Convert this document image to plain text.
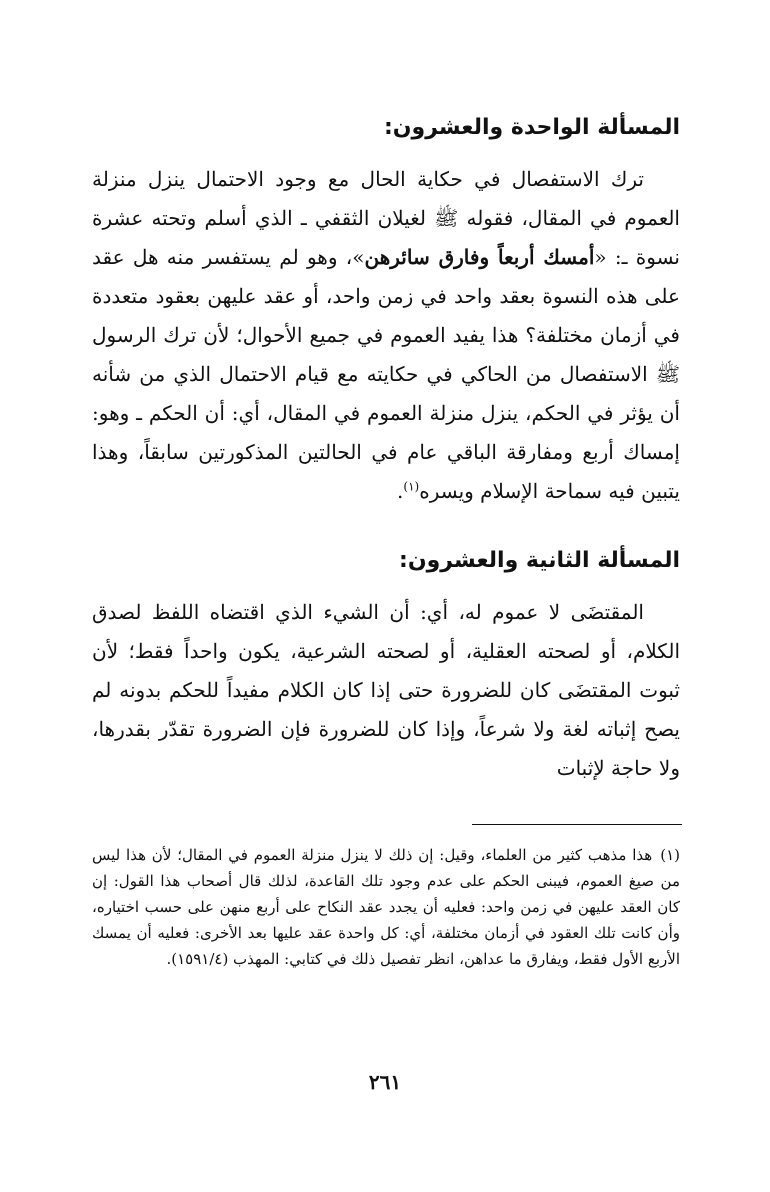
المسألة الواحدة والعشرون:

ترك الاستفصال في حكاية الحال مع وجود الاحتمال ينزل منزلة العموم في المقال، فقوله ﷺ لغيلان الثقفي ـ الذي أسلم وتحته عشرة نسوة ـ: «أمسك أربعاً وفارق سائرهن»، وهو لم يستفسر منه هل عقد على هذه النسوة بعقد واحد في زمن واحد، أو عقد عليهن بعقود متعددة في أزمان مختلفة؟ هذا يفيد العموم في جميع الأحوال؛ لأن ترك الرسول ﷺ الاستفصال من الحاكي في حكايته مع قيام الاحتمال الذي من شأنه أن يؤثر في الحكم، ينزل منزلة العموم في المقال، أي: أن الحكم ـ وهو: إمساك أربع ومفارقة الباقي عام في الحالتين المذكورتين سابقاً، وهذا يتبين فيه سماحة الإسلام ويسره$^{(١)}$.

المسألة الثانية والعشرون:

المقتضَى لا عموم له، أي: أن الشيء الذي اقتضاه اللفظ لصدق الكلام، أو لصحته العقلية، أو لصحته الشرعية، يكون واحداً فقط؛ لأن ثبوت المقتضَى كان للضرورة حتى إذا كان الكلام مفيداً للحكم بدونه لم يصح إثباته لغة ولا شرعاً، وإذا كان للضرورة فإن الضرورة تقدّر بقدرها، ولا حاجة لإثبات

(١)هذا مذهب كثير من العلماء، وقيل: إن ذلك لا ينزل منزلة العموم في المقال؛ لأن هذا ليس من صيغ العموم، فيبنى الحكم على عدم وجود تلك القاعدة، لذلك قال أصحاب هذا القول: إن كان العقد عليهن في زمن واحد: فعليه أن يجدد عقد النكاح على أربع منهن على حسب اختياره، وأن كانت تلك العقود في أزمان مختلفة، أي: كل واحدة عقد عليها بعد الأخرى: فعليه أن يمسك الأربع الأول فقط، ويفارق ما عداهن، انظر تفصيل ذلك في كتابي: المهذب (١٥٩١/٤).
٢٦١
